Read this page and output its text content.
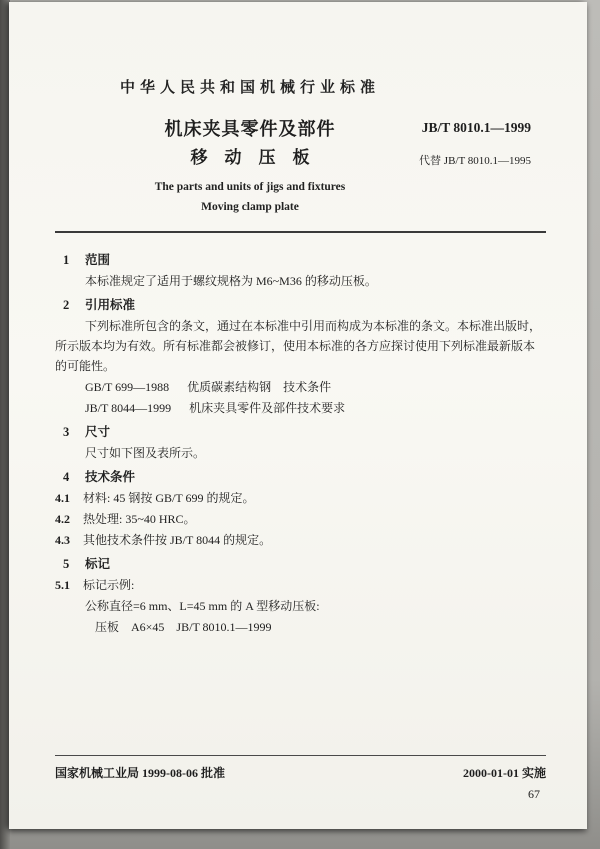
中华人民共和国机械行业标准
机床夹具零件及部件
移　动　压　板
The parts and units of jigs and fixtures
Moving clamp plate
JB/T 8010.1—1999
代替 JB/T 8010.1—1995
1 范围

本标准规定了适用于螺纹规格为 M6~M36 的移动压板。

2 引用标准

下列标准所包含的条文，通过在本标准中引用而构成为本标准的条文。本标准出版时，所示版本均为有效。所有标准都会被修订，使用本标准的各方应探讨使用下列标准最新版本的可能性。

GB/T 699—1988 优质碳素结构钢　技术条件
JB/T 8044—1999 机床夹具零件及部件技术要求
3 尺寸

尺寸如下图及表所示。

4 技术条件
4.1 材料: 45 钢按 GB/T 699 的规定。
4.2 热处理: 35~40 HRC。
4.3 其他技术条件按 JB/T 8044 的规定。
5 标记
5.1 标记示例:
公称直径=6 mm、L=45 mm 的 A 型移动压板:
压板　A6×45　JB/T 8010.1—1999
国家机械工业局 1999-08-06 批准	2000-01-01 实施
67
